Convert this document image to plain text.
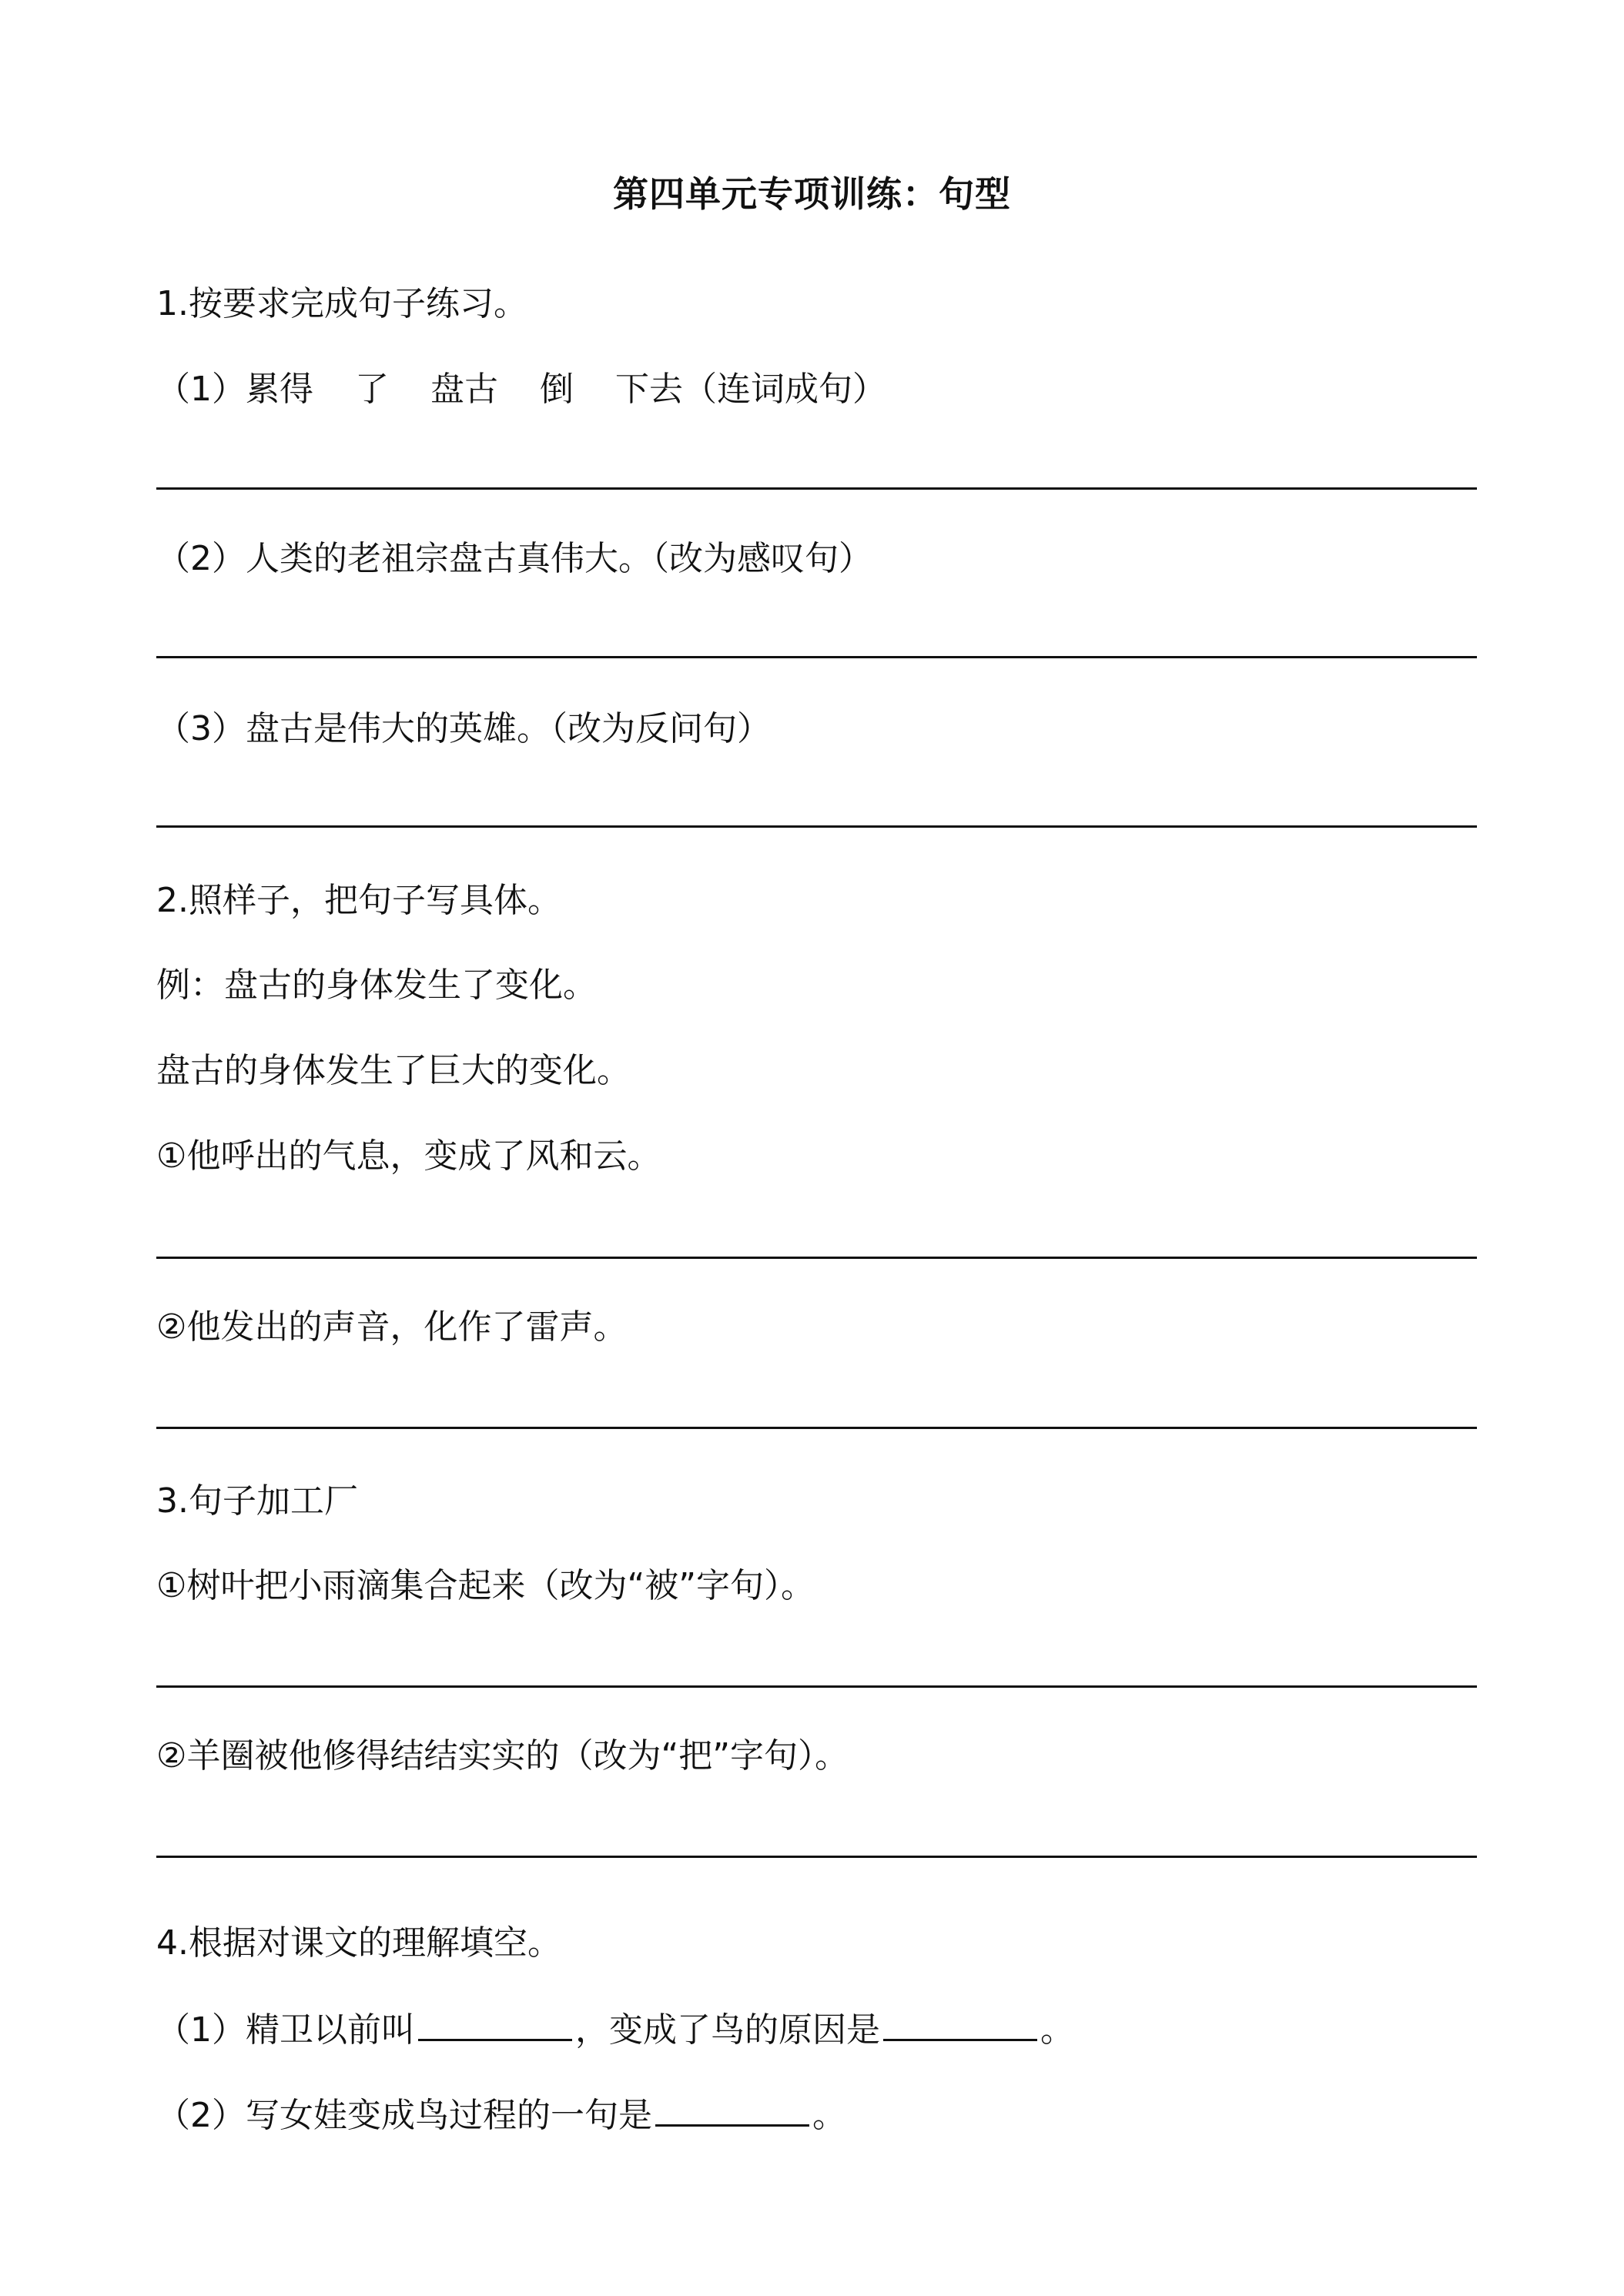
第四单元专项训练：句型
1.按要求完成句子练习。
（1）累得 了 盘古 倒 下去（连词成句）
（2）人类的老祖宗盘古真伟大。（改为感叹句）
（3）盘古是伟大的英雄。（改为反问句）
2.照样子，把句子写具体。
例：盘古的身体发生了变化。
盘古的身体发生了巨大的变化。
①他呼出的气息，变成了风和云。
②他发出的声音，化作了雷声。
3.句子加工厂
①树叶把小雨滴集合起来（改为“被”字句）。
②羊圈被他修得结结实实的（改为“把”字句）。
4.根据对课文的理解填空。
（1）精卫以前叫	，变成了鸟的原因是	。
（2）写女娃变成鸟过程的一句是	。
